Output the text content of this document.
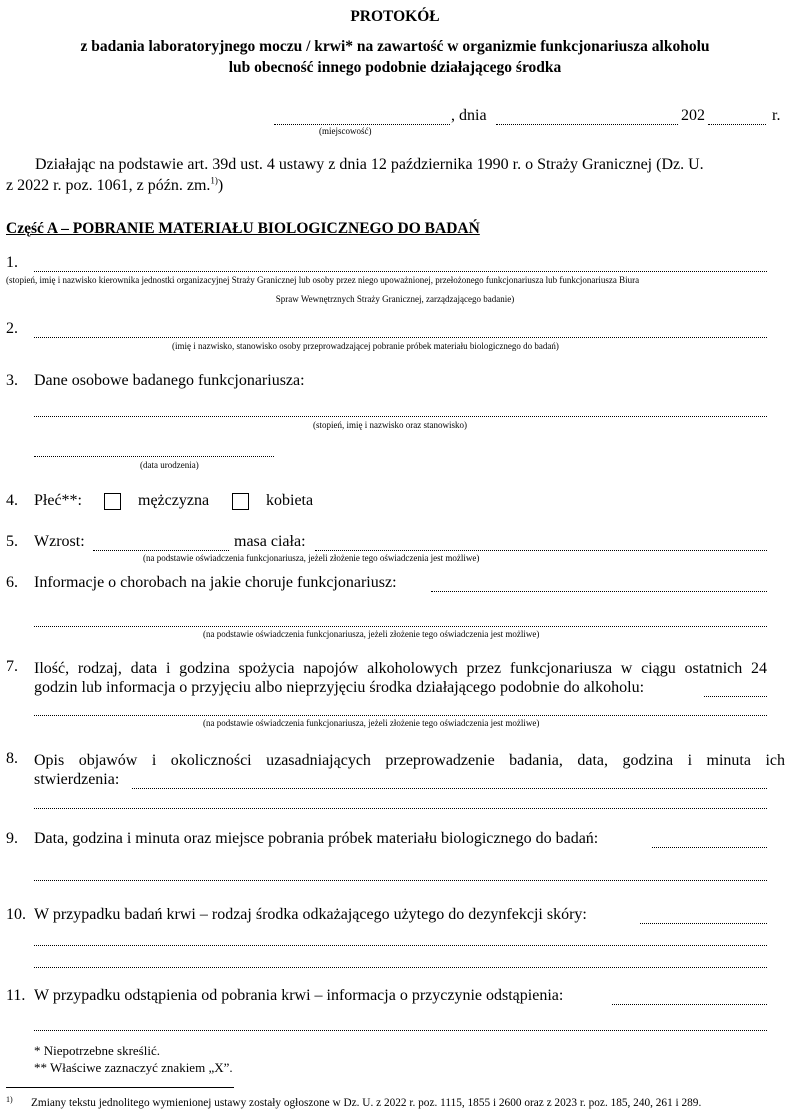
PROTOKÓŁ
z badania laboratoryjnego moczu / krwi* na zawartość w organizmie funkcjonariusza alkoholu
lub obecność innego podobnie działającego środka
, dnia	202	r.
(miejscowość)
Działając na podstawie art. 39d ust. 4 ustawy z dnia 12 października 1990 r. o Straży Granicznej (Dz. U.
z 2022 r. poz. 1061, z późn. zm.$^{1)}$)
Część A – POBRANIE MATERIAŁU BIOLOGICZNEGO DO BADAŃ
1.
(stopień, imię i nazwisko kierownika jednostki organizacyjnej Straży Granicznej lub osoby przez niego upoważnionej, przełożonego funkcjonariusza lub funkcjonariusza Biura
Spraw Wewnętrznych Straży Granicznej, zarządzającego badanie)
2.
(imię i nazwisko, stanowisko osoby przeprowadzającej pobranie próbek materiału biologicznego do badań)
3. Dane osobowe badanego funkcjonariusza:
(stopień, imię i nazwisko oraz stanowisko)
(data urodzenia)
4. Płeć**:	mężczyzna	kobieta
5. Wzrost:	masa ciała:
(na podstawie oświadczenia funkcjonariusza, jeżeli złożenie tego oświadczenia jest możliwe)
6. Informacje o chorobach na jakie choruje funkcjonariusz:
(na podstawie oświadczenia funkcjonariusza, jeżeli złożenie tego oświadczenia jest możliwe)
7. Ilość, rodzaj, data i godzina spożycia napojów alkoholowych przez funkcjonariusza w ciągu ostatnich 24
godzin lub informacja o przyjęciu albo nieprzyjęciu środka działającego podobnie do alkoholu:
(na podstawie oświadczenia funkcjonariusza, jeżeli złożenie tego oświadczenia jest możliwe)
8. Opis objawów i okoliczności uzasadniających przeprowadzenie badania, data, godzina i minuta ich
stwierdzenia:
9. Data, godzina i minuta oraz miejsce pobrania próbek materiału biologicznego do badań:
10. W przypadku badań krwi – rodzaj środka odkażającego użytego do dezynfekcji skóry:
11. W przypadku odstąpienia od pobrania krwi – informacja o przyczynie odstąpienia:
* Niepotrzebne skreślić.
** Właściwe zaznaczyć znakiem „X”.
1) Zmiany tekstu jednolitego wymienionej ustawy zostały ogłoszone w Dz. U. z 2022 r. poz. 1115, 1855 i 2600 oraz z 2023 r. poz. 185, 240, 261 i 289.
